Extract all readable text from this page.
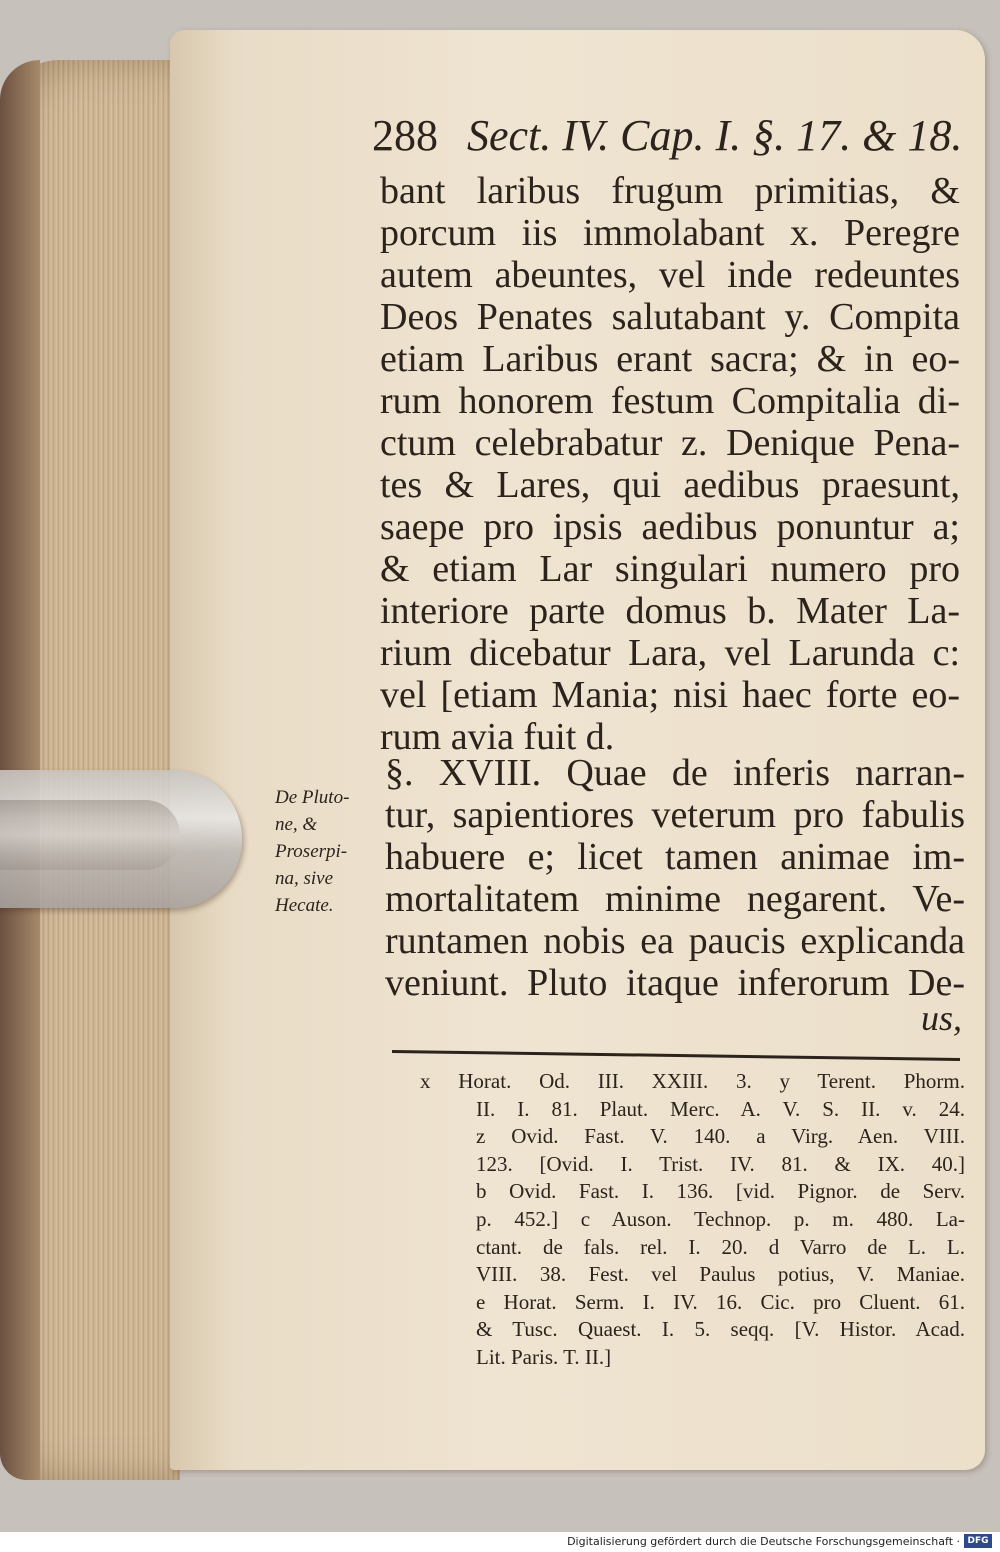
288 Sect. IV. Cap. I. §. 17. & 18.
bant laribus frugum primitias, &
porcum iis immolabant x. Peregre
autem abeuntes, vel inde redeuntes
Deos Penates salutabant y. Compita
etiam Laribus erant sacra; & in eo-
rum honorem festum Compitalia di-
ctum celebrabatur z. Denique Pena-
tes & Lares, qui aedibus praesunt,
saepe pro ipsis aedibus ponuntur a;
& etiam Lar singulari numero pro
interiore parte domus b. Mater La-
rium dicebatur Lara, vel Larunda c:
vel [etiam Mania; nisi haec forte eo-
rum avia fuit d.
De Pluto-
ne, &
Proserpi-
na, sive
Hecate.
§. XVIII. Quae de inferis narran-
tur, sapientiores veterum pro fabulis
habuere e; licet tamen animae im-
mortalitatem minime negarent. Ve-
runtamen nobis ea paucis explicanda
veniunt. Pluto itaque inferorum De-
us,
x Horat. Od. III. XXIII. 3. y Terent. Phorm.
II. I. 81. Plaut. Merc. A. V. S. II. v. 24.
z Ovid. Fast. V. 140. a Virg. Aen. VIII.
123. [Ovid. I. Trist. IV. 81. & IX. 40.]
b Ovid. Fast. I. 136. [vid. Pignor. de Serv.
p. 452.] c Auson. Technop. p. m. 480. La-
ctant. de fals. rel. I. 20. d Varro de L. L.
VIII. 38. Fest. vel Paulus potius, V. Maniae.
e Horat. Serm. I. IV. 16. Cic. pro Cluent. 61.
& Tusc. Quaest. I. 5. seqq. [V. Histor. Acad.
Lit. Paris. T. II.]
Digitalisierung gefördert durch die Deutsche Forschungsgemeinschaft · DFG
